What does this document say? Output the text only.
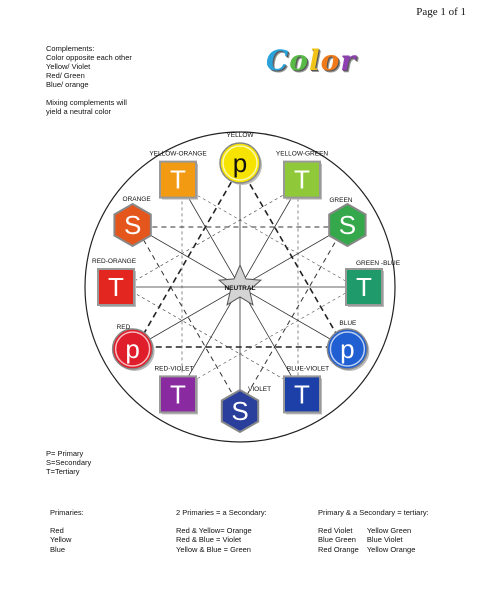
Page 1 of 1
Complements:
Color opposite each other
Yellow/ Violet
Red/ Green
Blue/ orange
Mixing complements will
yield a neutral color
Color
p
YELLOW
T
YELLOW-GREEN
S
GREEN
T
GREEN -BLUE
p
BLUE
T
BLUE-VIOLET
S
VIOLET
T
RED-VIOLET
p
RED
T
RED-ORANGE
S
ORANGE
T
YELLOW-ORANGE
NEUTRAL
P= Primary
S=Secondary
T=Tertiary
Primaries:
Red
Yellow
Blue
2 Primaries = a Secondary:
Red & Yellow= Orange
Red & Blue = Violet
Yellow & Blue = Green
Primary & a Secondary = tertiary:
Red Violet
Blue Green
Red Orange
Yellow Green
Blue Violet
Yellow Orange
